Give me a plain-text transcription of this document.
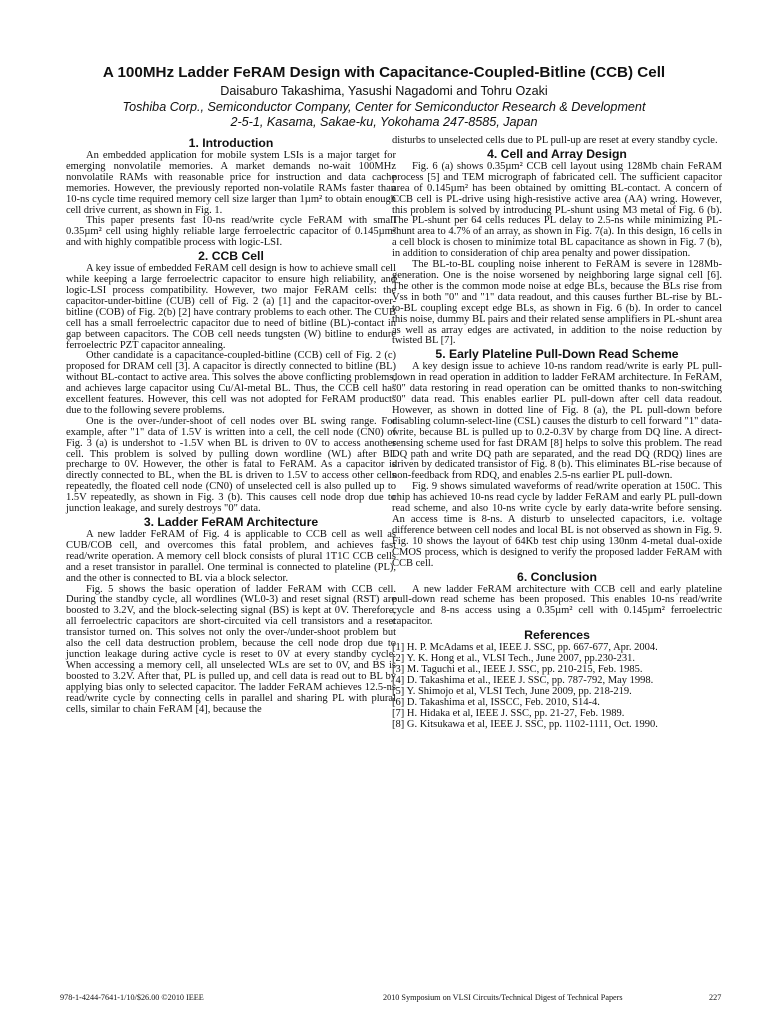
A 100MHz Ladder FeRAM Design with Capacitance-Coupled-Bitline (CCB) Cell
Daisaburo Takashima, Yasushi Nagadomi and Tohru Ozaki
Toshiba Corp., Semiconductor Company, Center for Semiconductor Research & Development
2-5-1, Kasama, Sakae-ku, Yokohama 247-8585, Japan
1. Introduction

An embedded application for mobile system LSIs is a major target for emerging nonvolatile memories. A market demands no-wait 100MHz nonvolatile RAMs with reasonable price for instruction and data cache memories. However, the previously reported non-volatile RAMs faster than 10-ns cycle time required memory cell size larger than 1µm² to obtain enough cell drive current, as shown in Fig. 1.

This paper presents fast 10-ns read/write cycle FeRAM with small 0.35µm² cell using highly reliable large ferroelectric capacitor of 0.145µm² and with highly compatible process with logic-LSI.

2. CCB Cell

A key issue of embedded FeRAM cell design is how to achieve small cell while keeping a large ferroelectric capacitor to ensure high reliability, and logic-LSI process compatibility. However, two major FeRAM cells: the capacitor-under-bitline (CUB) cell of Fig. 2 (a) [1] and the capacitor-over-bitline (COB) of Fig. 2(b) [2] have contrary problems to each other. The CUB cell has a small ferroelectric capacitor due to need of bitline (BL)-contact in gap between capacitors. The COB cell needs tungsten (W) bitline to endure ferroelectric PZT capacitor annealing.

Other candidate is a capacitance-coupled-bitline (CCB) cell of Fig. 2 (c) proposed for DRAM cell [3]. A capacitor is directly connected to bitline (BL) without BL-contact to active area. This solves the above conflicting problems, and achieves large capacitor using Cu/Al-metal BL. Thus, the CCB cell has excellent features. However, this cell was not adopted for FeRAM products due to the following severe problems.

One is the over-/under-shoot of cell nodes over BL swing range. For example, after "1" data of 1.5V is written into a cell, the cell node (CN0) of Fig. 3 (a) is undershot to -1.5V when BL is driven to 0V to access another cell. This problem is solved by pulling down wordline (WL) after BL precharge to 0V. However, the other is fatal to FeRAM. As a capacitor is directly connected to BL, when the BL is driven to 1.5V to access other cells repeatedly, the floated cell node (CN0) of unselected cell is also pulled up to 1.5V repeatedly, as shown in Fig. 3 (b). This causes cell node drop due to junction leakage, and surely destroys "0" data.

3. Ladder FeRAM Architecture

A new ladder FeRAM of Fig. 4 is applicable to CCB cell as well as CUB/COB cell, and overcomes this fatal problem, and achieves fast read/write operation. A memory cell block consists of plural 1T1C CCB cells and a reset transistor in parallel. One terminal is connected to plateline (PL), and the other is connected to BL via a block selector.

Fig. 5 shows the basic operation of ladder FeRAM with CCB cell. During the standby cycle, all wordlines (WL0-3) and reset signal (RST) are boosted to 3.2V, and the block-selecting signal (BS) is kept at 0V. Therefore, all ferroelectric capacitors are short-circuited via cell transistors and a reset transistor turned on. This solves not only the over-/under-shoot problem but also the cell data destruction problem, because the cell node drop due to junction leakage during active cycle is reset to 0V at every standby cycle. When accessing a memory cell, all unselected WLs are set to 0V, and BS is boosted to 3.2V. After that, PL is pulled up, and cell data is read out to BL by applying bias only to selected capacitor. The ladder FeRAM achieves 12.5-ns read/write cycle by connecting cells in parallel and sharing PL with plural cells, similar to chain FeRAM [4], because the

disturbs to unselected cells due to PL pull-up are reset at every standby cycle.

4. Cell and Array Design

Fig. 6 (a) shows 0.35µm² CCB cell layout using 128Mb chain FeRAM process [5] and TEM micrograph of fabricated cell. The sufficient capacitor area of 0.145µm² has been obtained by omitting BL-contact. A concern of CCB cell is PL-drive using high-resistive active area (AA) wring. However, this problem is solved by introducing PL-shunt using M3 metal of Fig. 6 (b). The PL-shunt per 64 cells reduces PL delay to 2.5-ns while minimizing PL-shunt area to 4.7% of an array, as shown in Fig. 7(a). In this design, 16 cells in a cell block is chosen to minimize total BL capacitance as shown in Fig. 7 (b), in addition to consideration of chip area penalty and power dissipation.

The BL-to-BL coupling noise inherent to FeRAM is severe in 128Mb-generation. One is the noise worsened by neighboring large signal cell [6]. The other is the common mode noise at edge BLs, because the BLs rise from Vss in both "0" and "1" data readout, and this causes further BL-rise by BL-to-BL coupling except edge BLs, as shown in Fig. 6 (b). In order to cancel this noise, dummy BL pairs and their related sense amplifiers in PL-shunt area as well as array edges are activated, in addition to the noise reduction by twisted BL [7].

5. Early Plateline Pull-Down Read Scheme

A key design issue to achieve 10-ns random read/write is early PL pull-down in read operation in addition to ladder FeRAM architecture. In FeRAM, "0" data restoring in read operation can be omitted thanks to non-switching "0" data read. This enables earlier PL pull-down after cell data readout. However, as shown in dotted line of Fig. 8 (a), the PL pull-down before disabling column-select-line (CSL) causes the disturb to cell forward "1" data-write, because BL is pulled up to 0.2-0.3V by charge from DQ line. A direct-sensing scheme used for fast DRAM [8] helps to solve this problem. The read DQ path and write DQ path are separated, and the read DQ (RDQ) lines are driven by dedicated transistor of Fig. 8 (b). This eliminates BL-rise because of non-feedback from RDQ, and enables 2.5-ns earlier PL pull-down.

Fig. 9 shows simulated waveforms of read/write operation at 150C. This chip has achieved 10-ns read cycle by ladder FeRAM and early PL pull-down read scheme, and also 10-ns write cycle by early data-write before sensing. An access time is 8-ns. A disturb to unselected capacitors, i.e. voltage difference between cell nodes and local BL is not observed as shown in Fig. 9. Fig. 10 shows the layout of 64Kb test chip using 130nm 4-metal dual-oxide CMOS process, which is designed to verify the proposed ladder FeRAM with CCB cell.

6. Conclusion

A new ladder FeRAM architecture with CCB cell and early plateline pull-down read scheme has been proposed. This enables 10-ns read/write cycle and 8-ns access using a 0.35µm² cell with 0.145µm² ferroelectric capacitor.

References
[1] H. P. McAdams et al, IEEE J. SSC, pp. 667-677, Apr. 2004.
[2] Y. K. Hong et al., VLSI Tech., June 2007, pp.230-231.
[3] M. Taguchi et al., IEEE J. SSC, pp. 210-215, Feb. 1985.
[4] D. Takashima et al., IEEE J. SSC, pp. 787-792, May 1998.
[5] Y. Shimojo et al, VLSI Tech, June 2009, pp. 218-219.
[6] D. Takashima et al, ISSCC, Feb. 2010, S14-4.
[7] H. Hidaka et al, IEEE J. SSC, pp. 21-27, Feb. 1989.
[8] G. Kitsukawa et al, IEEE J. SSC, pp. 1102-1111, Oct. 1990.
978-1-4244-7641-1/10/$26.00 ©2010 IEEE	2010 Symposium on VLSI Circuits/Technical Digest of Technical Papers	227
